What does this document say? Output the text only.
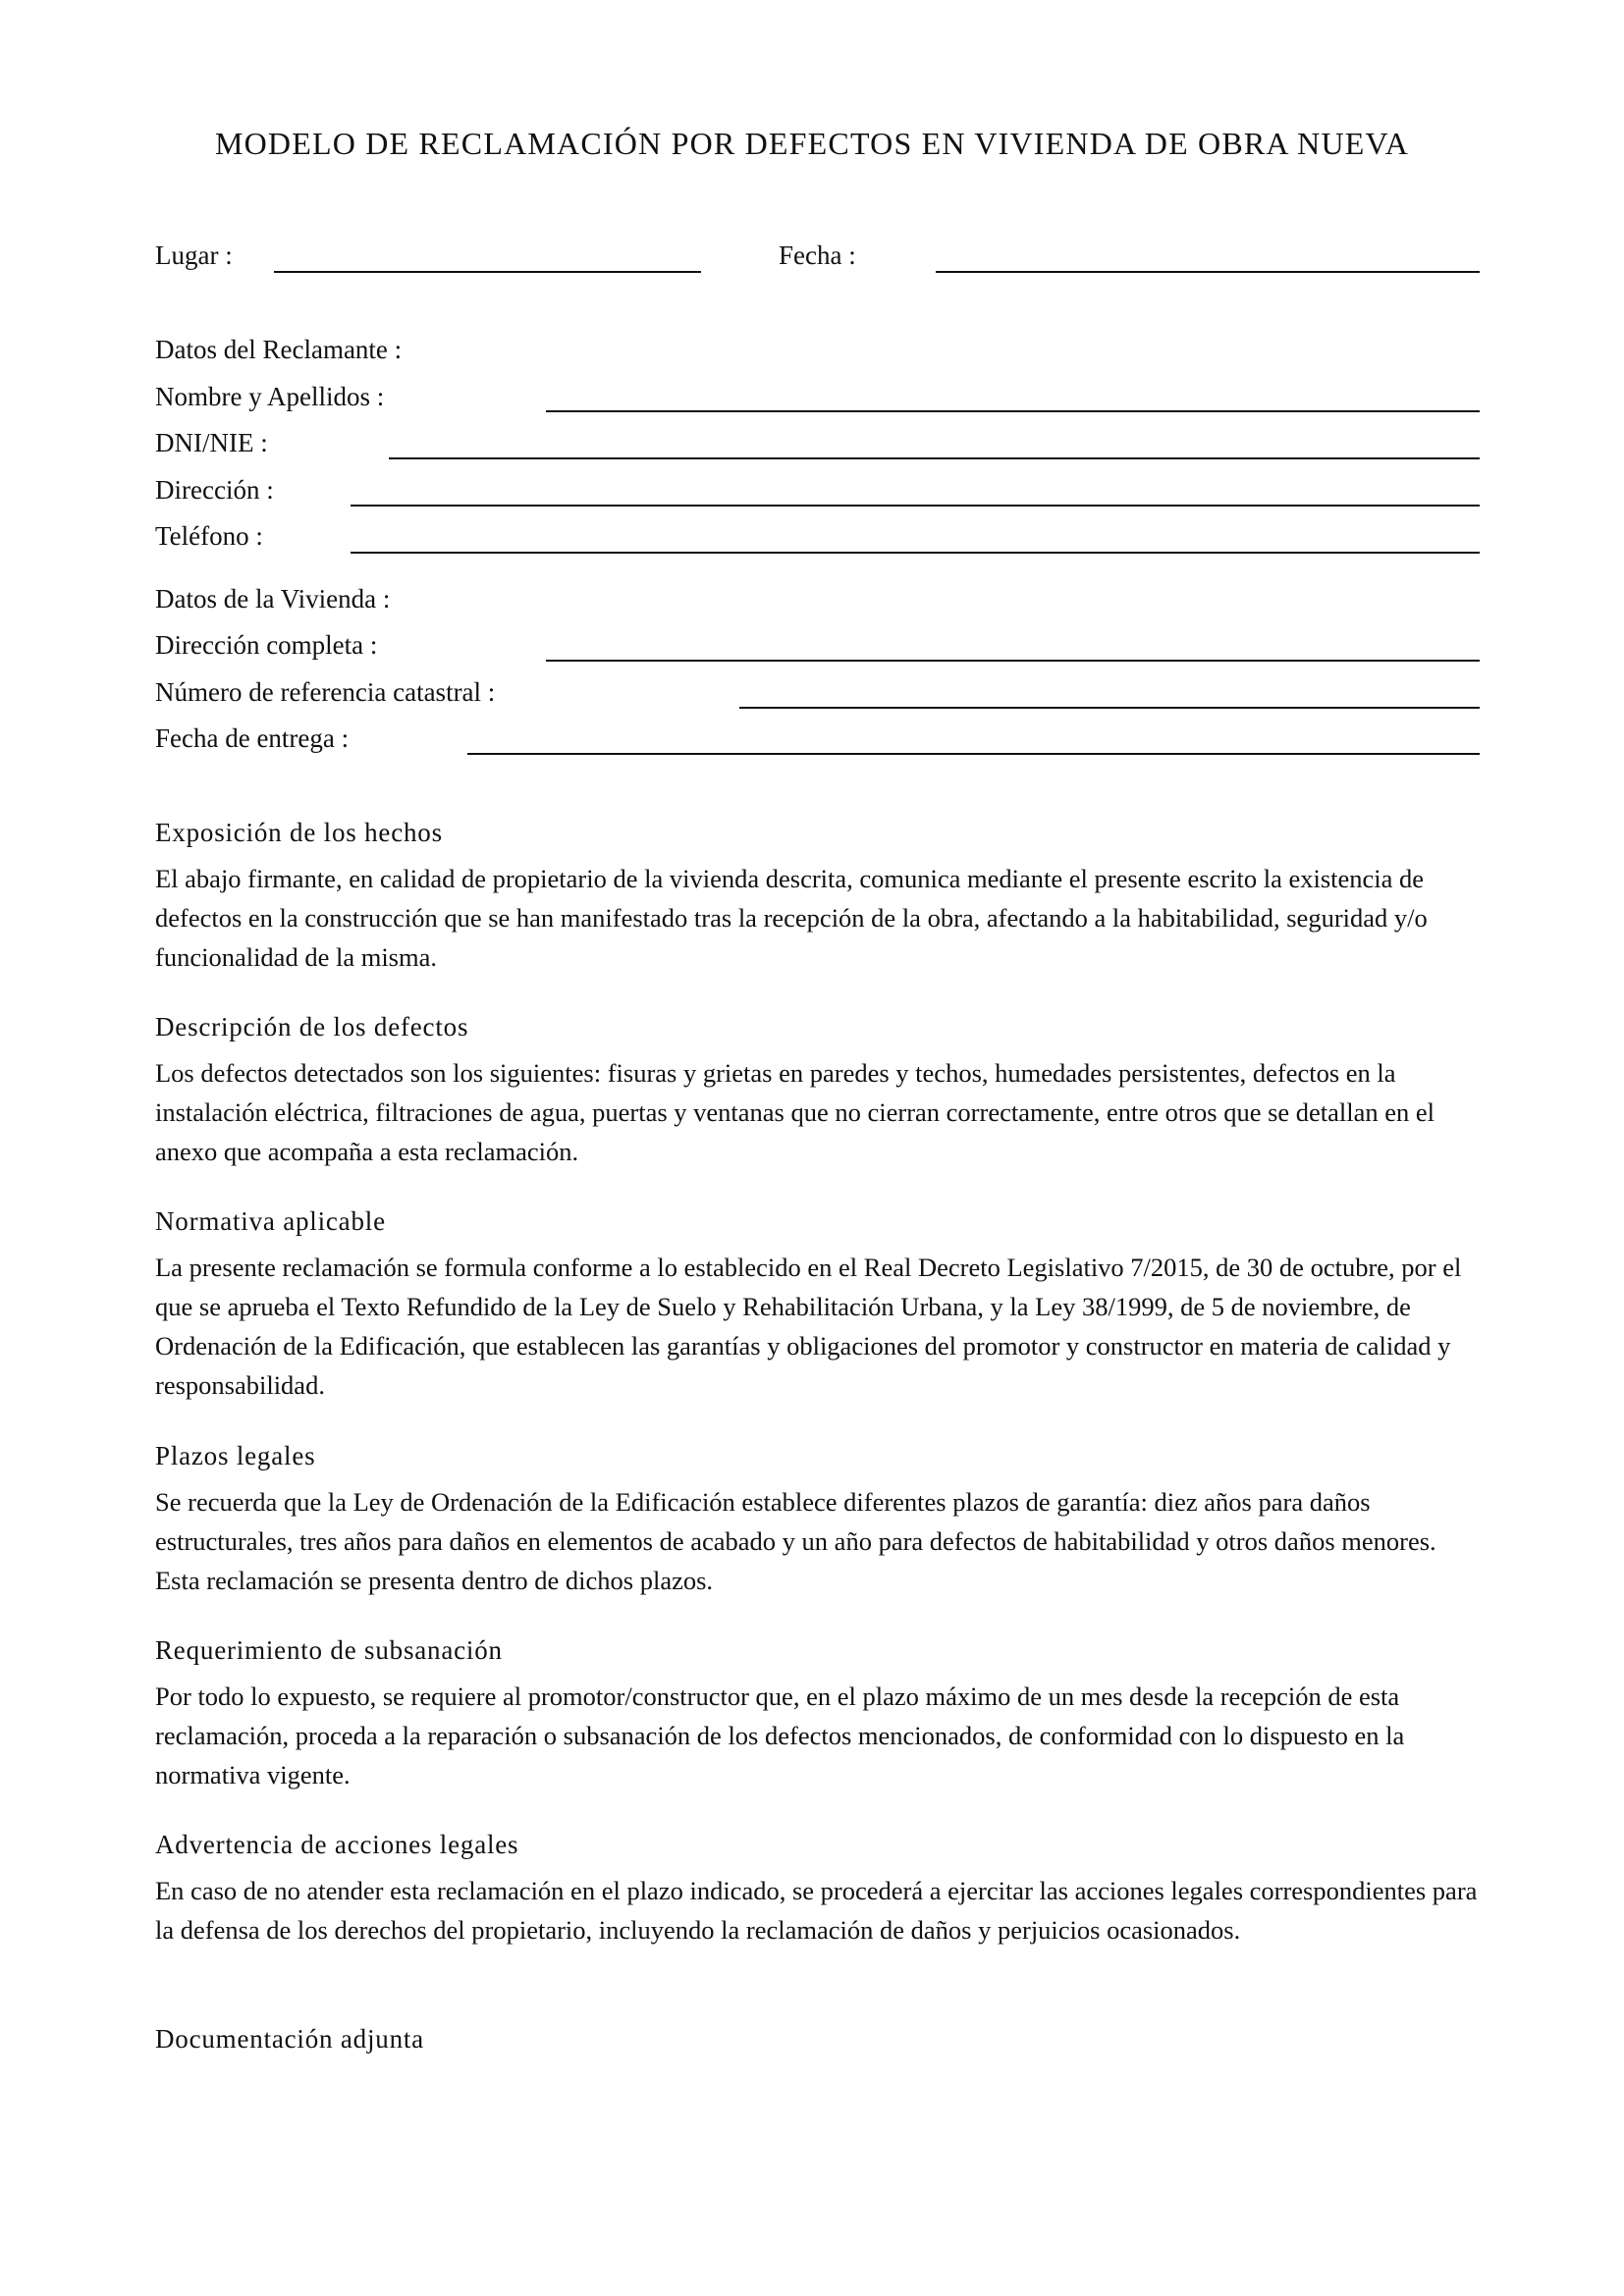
MODELO DE RECLAMACIÓN POR DEFECTOS EN VIVIENDA DE OBRA NUEVA
Lugar :	Fecha :
Datos del Reclamante :
Nombre y Apellidos :
DNI/NIE :
Dirección :
Teléfono :
Datos de la Vivienda :
Dirección completa :
Número de referencia catastral :
Fecha de entrega :
Exposición de los hechos

El abajo firmante, en calidad de propietario de la vivienda descrita, comunica mediante el presente escrito la existencia de defectos en la construcción que se han manifestado tras la recepción de la obra, afectando a la habitabilidad, seguridad y/o funcionalidad de la misma.

Descripción de los defectos

Los defectos detectados son los siguientes: fisuras y grietas en paredes y techos, humedades persistentes, defectos en la instalación eléctrica, filtraciones de agua, puertas y ventanas que no cierran correctamente, entre otros que se detallan en el anexo que acompaña a esta reclamación.

Normativa aplicable

La presente reclamación se formula conforme a lo establecido en el Real Decreto Legislativo 7/2015, de 30 de octubre, por el que se aprueba el Texto Refundido de la Ley de Suelo y Rehabilitación Urbana, y la Ley 38/1999, de 5 de noviembre, de Ordenación de la Edificación, que establecen las garantías y obligaciones del promotor y constructor en materia de calidad y responsabilidad.

Plazos legales

Se recuerda que la Ley de Ordenación de la Edificación establece diferentes plazos de garantía: diez años para daños estructurales, tres años para daños en elementos de acabado y un año para defectos de habitabilidad y otros daños menores. Esta reclamación se presenta dentro de dichos plazos.

Requerimiento de subsanación

Por todo lo expuesto, se requiere al promotor/constructor que, en el plazo máximo de un mes desde la recepción de esta reclamación, proceda a la reparación o subsanación de los defectos mencionados, de conformidad con lo dispuesto en la normativa vigente.

Advertencia de acciones legales

En caso de no atender esta reclamación en el plazo indicado, se procederá a ejercitar las acciones legales correspondientes para la defensa de los derechos del propietario, incluyendo la reclamación de daños y perjuicios ocasionados.

Documentación adjunta
